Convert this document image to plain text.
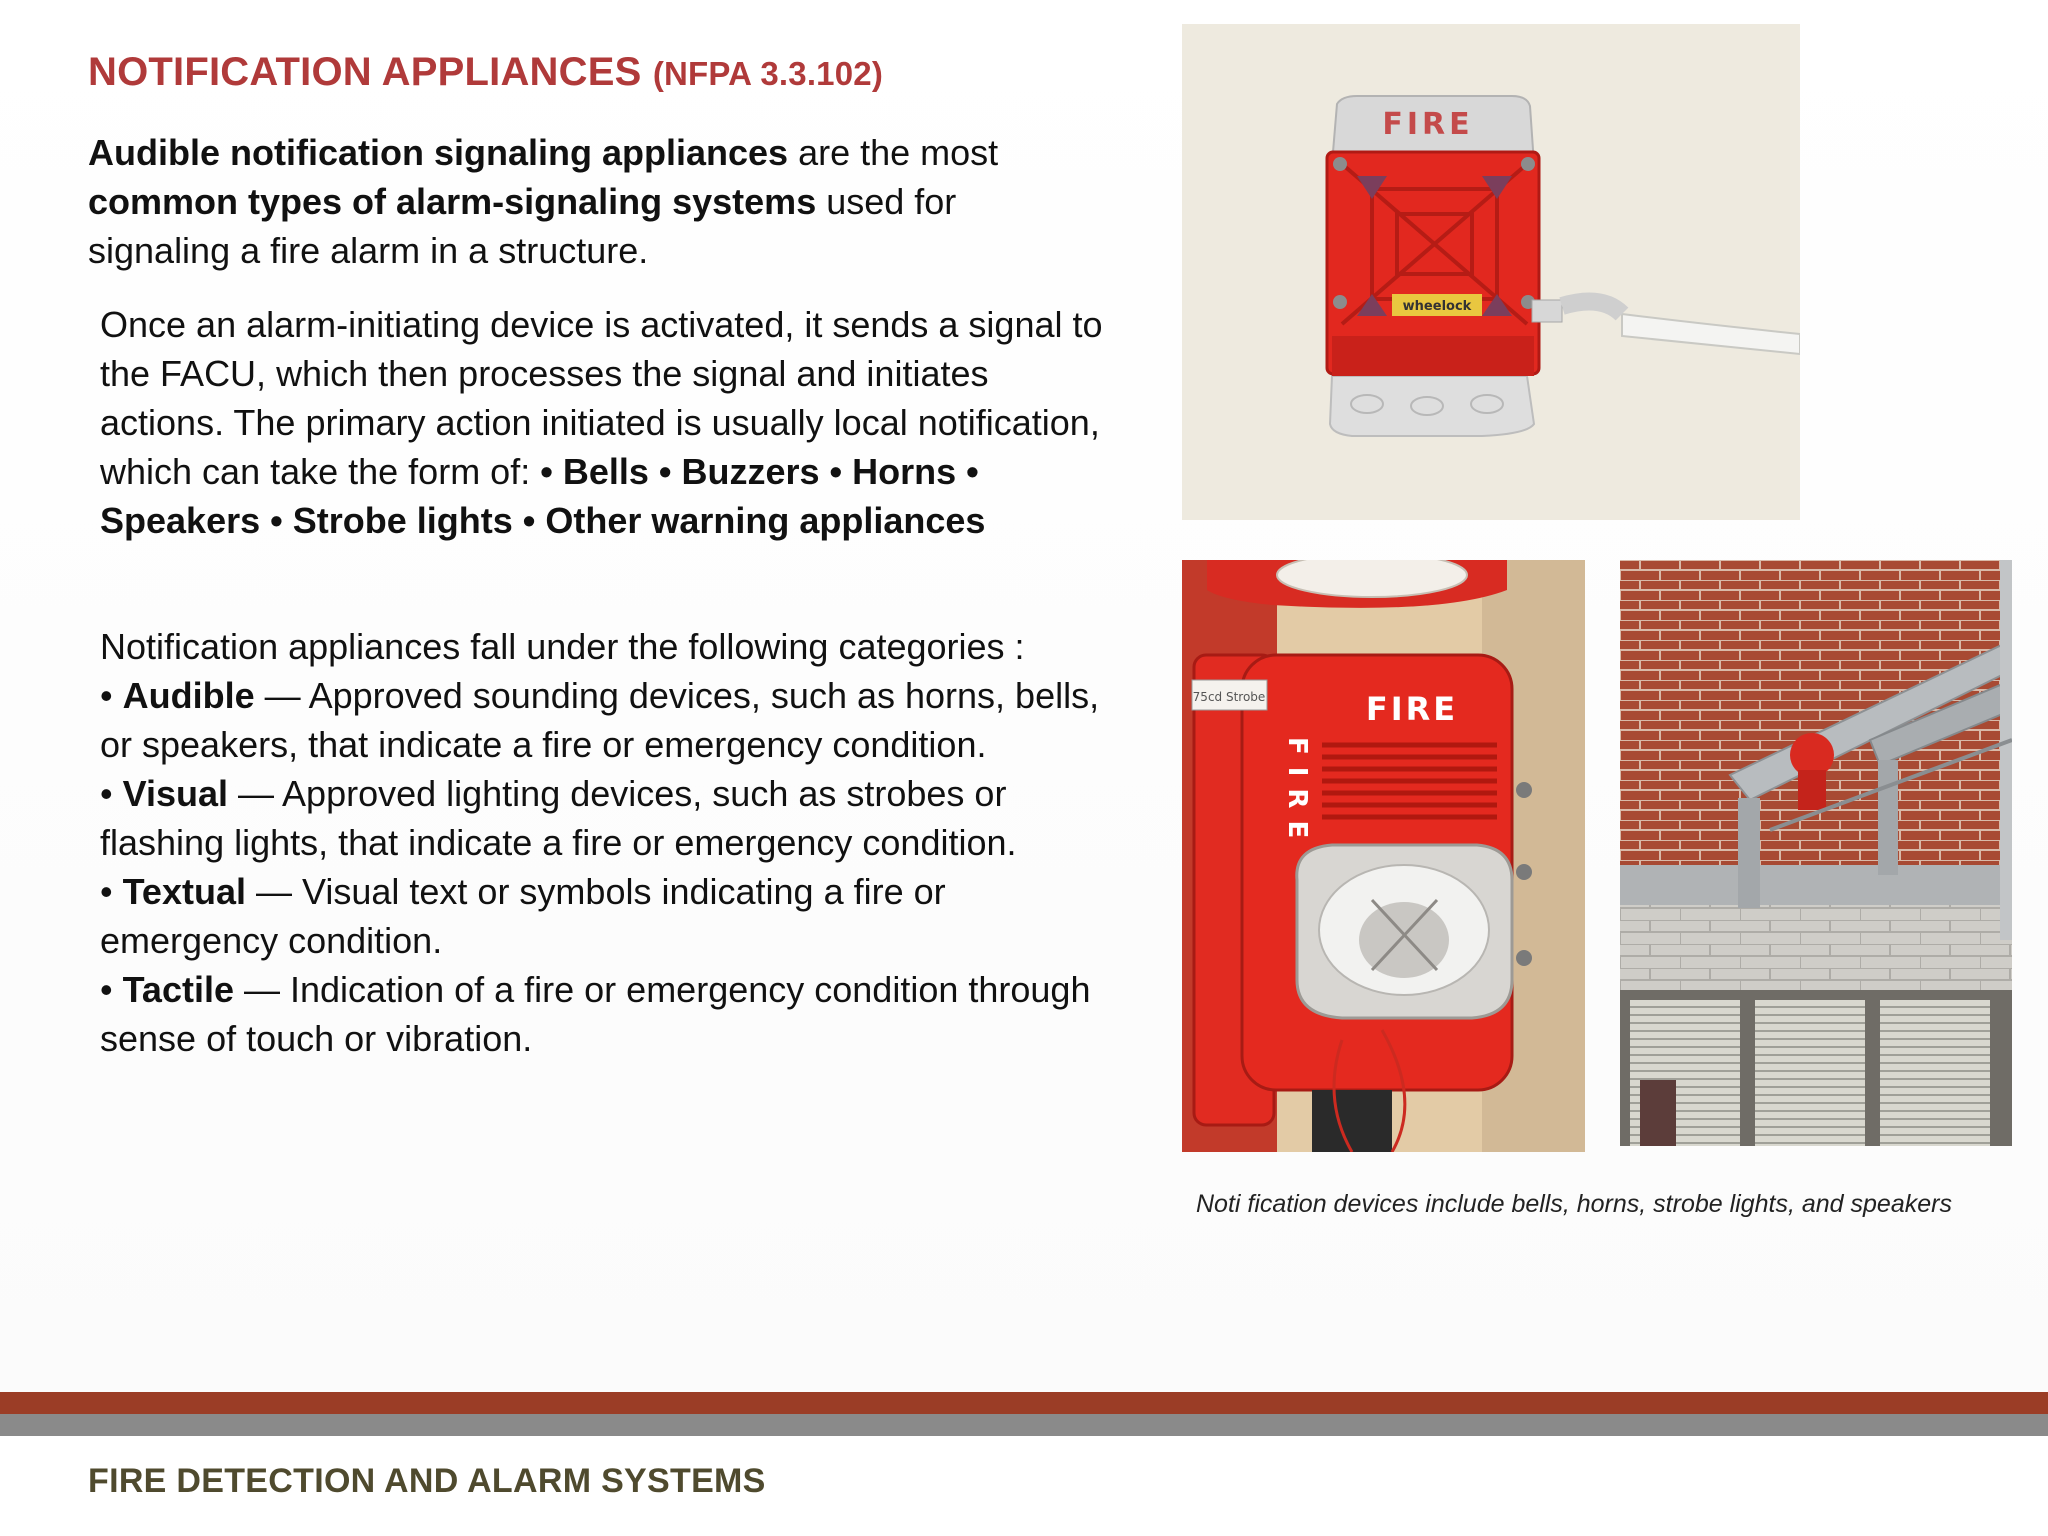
NOTIFICATION APPLIANCES (NFPA 3.3.102)

Audible notification signaling appliances are the most common types of alarm-signaling systems used for signaling a fire alarm in a structure.

Once an alarm-initiating device is activated, it sends a signal to the FACU, which then processes the signal and initiates actions. The primary action initiated is usually local notification, which can take the form of: • Bells • Buzzers • Horns • Speakers • Strobe lights • Other warning appliances

Notification appliances fall under the following categories :
• Audible — Approved sounding devices, such as horns, bells, or speakers, that indicate a fire or emergency condition.
• Visual — Approved lighting devices, such as strobes or flashing lights, that indicate a fire or emergency condition.
• Textual — Visual text or symbols indicating a fire or emergency condition.
• Tactile — Indication of a fire or emergency condition through sense of touch or vibration.
FIRE
wheelock
75cd Strobe	FIRE
FIRE

Noti fication devices include bells, horns, strobe lights, and speakers

FIRE DETECTION AND ALARM SYSTEMS
